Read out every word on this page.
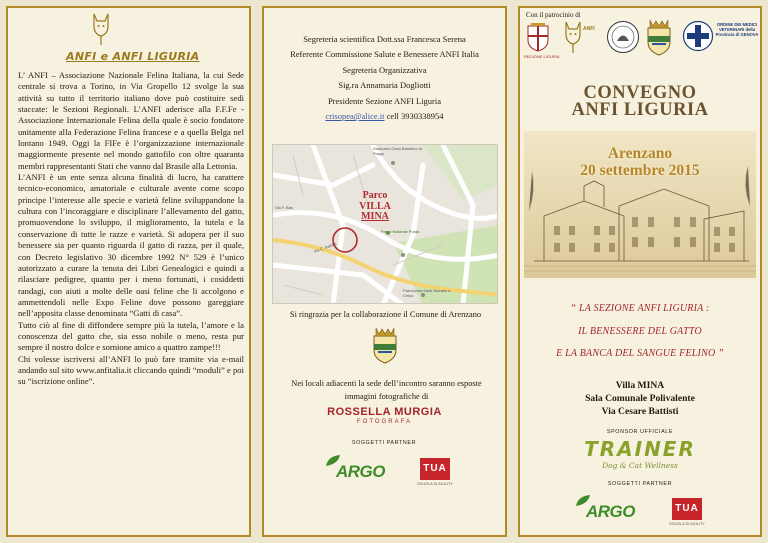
ANFI e ANFI LIGURIA

L’ ANFI – Associazione Nazionale Felina Italiana, la cui Sede centrale si trova a Torino, in Via Gropello 12 svolge la sua attività su tutto il territorio italiano dove può costituire sedi staccate: le Sezioni Regionali. L’ANFI aderisce alla F.F.Fe - Associazione Internazionale Felina della quale è socio fondatore unitamente alla Federazione Felina francese e a quella Belga nel lontano 1949. Oggi la FIFe è l’organizzazione internazionale maggiormente presente nel mondo gattofilo con oltre quaranta membri rappresentanti Stati che vanno dal Brasile alla Lettonia.

L’ANFI è un ente senza alcuna finalità di lucro, ha carattere tecnico-economico, amatoriale e culturale avente come scopo principe l’interesse alle specie e varietà feline sviluppandone la cultura con l’incoraggiare e disciplinare l’allevamento del gatto, promuovendone lo sviluppo, il miglioramento, la tutela e la conservazione di tutte le razze e varietà. Si adopera per il suo benessere sia per quanto riguarda il gatto di razza, per il quale, con Decreto legislativo 30 dicembre 1992 N° 529 è l’unico autorizzato a curare la tenuta dei Libri Genealogici e quindi a rilasciare pedigree, quanto per i meno fortunati, i cosiddetti randagi, con aiuti a molte delle oasi feline che li accolgono e ammettendoli nelle Expo Feline dove possono gareggiare nell’apposita classe denominata “Gatti di casa”.

Tutto ciò al fine di diffondere sempre più la tutela, l’amore e la conoscenza del gatto che, sia esso nobile o meno, resta pur sempre il nostro dolce e sornione amico a quattro zampe!!!

Chi volesse iscriversi all’ANFI lo può fare tramite via e-mail andando sul sito www.anfitalia.it cliccando quindi “moduli” e poi su “iscrizione online”.

Segreteria scientifica Dott.ssa Francesca Serena
Referente Commissione Salute e Benessere ANFI Italia
Segreteria Organizzativa
Sig.ra Annamaria Dogliotti
Presidente Sezione ANFI Liguria
crisopea@alice.it cell 3930338954
Parco
VILLA
MINA
Santuario Gesù Bambino di Praga
Parco Naturale Punta
Parrocchia Santi Nazario e Celso
Via C. Battisti
Via F. Bas
Si ringrazia per la collaborazione il Comune di Arenzano
Nei locali adiacenti la sede dell’incontro saranno esposte immagini fotografiche di
ROSSELLA MURGIA
FOTOGRAFA
SOGGETTI PARTNER
ARGO	TUA
SCUOLA DI AGILITY
Con il patrocinio di
REGIONE LIGURIA
ANFI
ORDINE DEI MEDICI VETERINARI della Provincia di GENOVA
CONVEGNO
ANFI LIGURIA
Arenzano
20 settembre 2015
“ LA SEZIONE ANFI LIGURIA :
IL BENESSERE DEL GATTO
E LA BANCA DEL SANGUE FELINO ”
Villa MINA
Sala Comunale Polivalente
Via Cesare Battisti
SPONSOR UFFICIALE
TRAINER
Dog & Cat Wellness
SOGGETTI PARTNER
ARGO	TUA
SCUOLA DI AGILITY
